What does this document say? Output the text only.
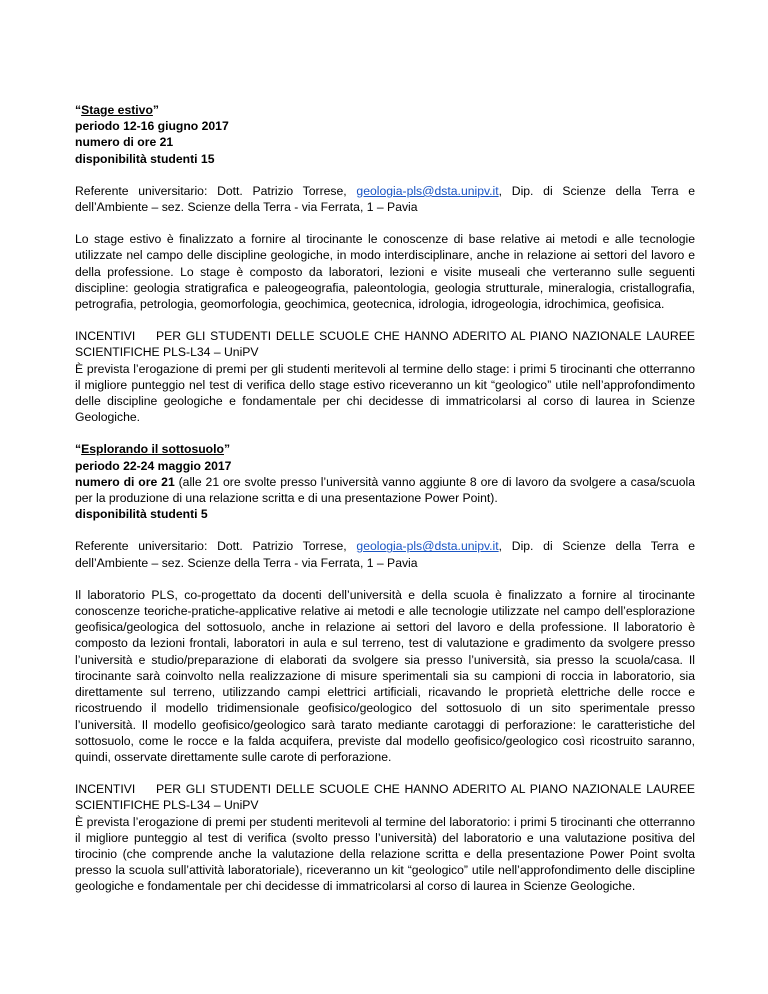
“Stage estivo”

periodo 12-16 giugno 2017

numero di ore 21

disponibilità studenti 15

Referente universitario: Dott. Patrizio Torrese, geologia-pls@dsta.unipv.it, Dip. di Scienze della Terra e dell’Ambiente – sez. Scienze della Terra - via Ferrata, 1 – Pavia

Lo stage estivo è finalizzato a fornire al tirocinante le conoscenze di base relative ai metodi e alle tecnologie utilizzate nel campo delle discipline geologiche, in modo interdisciplinare, anche in relazione ai settori del lavoro e della professione. Lo stage è composto da laboratori, lezioni e visite museali che verteranno sulle seguenti discipline: geologia stratigrafica e paleogeografia, paleontologia, geologia strutturale, mineralogia, cristallografia, petrografia, petrologia, geomorfologia, geochimica, geotecnica, idrologia, idrogeologia, idrochimica, geofisica.

INCENTIVI PER GLI STUDENTI DELLE SCUOLE CHE HANNO ADERITO AL PIANO NAZIONALE LAUREE SCIENTIFICHE PLS-L34 – UniPV

È prevista l’erogazione di premi per gli studenti meritevoli al termine dello stage: i primi 5 tirocinanti che otterranno il migliore punteggio nel test di verifica dello stage estivo riceveranno un kit “geologico” utile nell’approfondimento delle discipline geologiche e fondamentale per chi decidesse di immatricolarsi al corso di laurea in Scienze Geologiche.

“Esplorando il sottosuolo”

periodo 22-24 maggio 2017

numero di ore 21 (alle 21 ore svolte presso l’università vanno aggiunte 8 ore di lavoro da svolgere a casa/scuola per la produzione di una relazione scritta e di una presentazione Power Point).

disponibilità studenti 5

Referente universitario: Dott. Patrizio Torrese, geologia-pls@dsta.unipv.it, Dip. di Scienze della Terra e dell’Ambiente – sez. Scienze della Terra - via Ferrata, 1 – Pavia

Il laboratorio PLS, co-progettato da docenti dell’università e della scuola è finalizzato a fornire al tirocinante conoscenze teoriche-pratiche-applicative relative ai metodi e alle tecnologie utilizzate nel campo dell’esplorazione geofisica/geologica del sottosuolo, anche in relazione ai settori del lavoro e della professione. Il laboratorio è composto da lezioni frontali, laboratori in aula e sul terreno, test di valutazione e gradimento da svolgere presso l’università e studio/preparazione di elaborati da svolgere sia presso l’università, sia presso la scuola/casa. Il tirocinante sarà coinvolto nella realizzazione di misure sperimentali sia su campioni di roccia in laboratorio, sia direttamente sul terreno, utilizzando campi elettrici artificiali, ricavando le proprietà elettriche delle rocce e ricostruendo il modello tridimensionale geofisico/geologico del sottosuolo di un sito sperimentale presso l’università. Il modello geofisico/geologico sarà tarato mediante carotaggi di perforazione: le caratteristiche del sottosuolo, come le rocce e la falda acquifera, previste dal modello geofisico/geologico così ricostruito saranno, quindi, osservate direttamente sulle carote di perforazione.

INCENTIVI PER GLI STUDENTI DELLE SCUOLE CHE HANNO ADERITO AL PIANO NAZIONALE LAUREE SCIENTIFICHE PLS-L34 – UniPV

È prevista l’erogazione di premi per studenti meritevoli al termine del laboratorio: i primi 5 tirocinanti che otterranno il migliore punteggio al test di verifica (svolto presso l’università) del laboratorio e una valutazione positiva del tirocinio (che comprende anche la valutazione della relazione scritta e della presentazione Power Point svolta presso la scuola sull’attività laboratoriale), riceveranno un kit “geologico” utile nell’approfondimento delle discipline geologiche e fondamentale per chi decidesse di immatricolarsi al corso di laurea in Scienze Geologiche.
